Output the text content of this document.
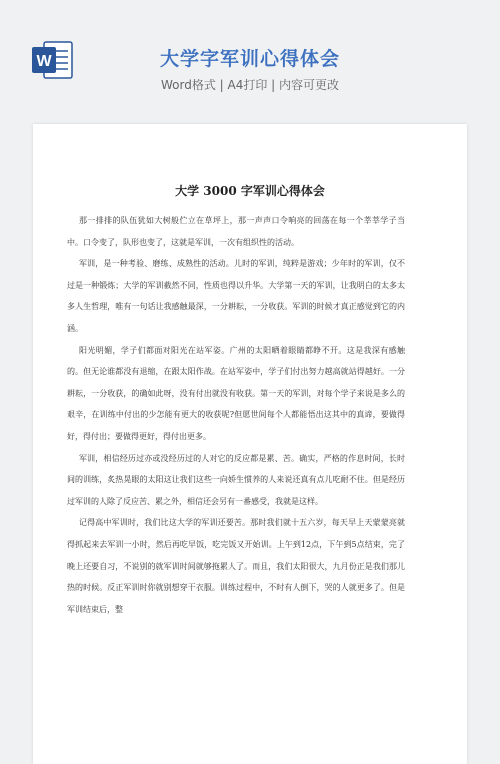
W	大学字军训心得体会
Word格式 | A4打印 | 内容可更改
大学 3000 字军训心得体会

那一排排的队伍犹如大树般伫立在草坪上，那一声声口令响亮的回荡在每一个莘莘学子当中。口令变了，队形也变了，这就是军训，一次有组织性的活动。

军训，是一种考验、磨练、成熟性的活动。儿时的军训，纯粹是游戏；少年时的军训，仅不过是一种锻炼；大学的军训截然不同，性质也得以升华。大学第一天的军训，让我明白的太多太多人生哲理，唯有一句话让我感触最深，一分耕耘，一分收获。军训的时候才真正感觉到它的内涵。

阳光明媚，学子们都面对阳光在站军姿。广州的太阳晒着眼睛都睁不开。这是我深有感触的。但无论谁都没有退缩，在跟太阳作战。在站军姿中，学子们付出努力越高就站得越好。一分耕耘，一分收获，的确如此呀，没有付出就没有收获。第一天的军训，对每个学子来说是多么的艰辛，在训练中付出的少怎能有更大的收获呢?但愿世间每个人都能悟出这其中的真谛，要做得好，得付出；要做得更好，得付出更多。

军训，相信经历过亦或没经历过的人对它的反应都是累、苦。确实，严格的作息时间，长时间的训练，炙热晃眼的太阳这让我们这些一向娇生惯养的人来说还真有点儿吃耐不住。但是经历过军训的人除了反应苦、累之外，相信还会另有一番感受，我就是这样。

记得高中军训时，我们比这大学的军训还要苦。那时我们就十五六岁，每天早上天蒙蒙亮就得抓起来去军训一小时，然后再吃早饭，吃完饭又开始训。上午到12点，下午到5点结束，完了晚上还要自习，不说别的就军训时间就够拖累人了。而且，我们太阳很大，九月份正是我们那儿热的时候。反正军训时你就别想穿干衣服。训练过程中，不时有人倒下，哭的人就更多了。但是军训结束后，整
